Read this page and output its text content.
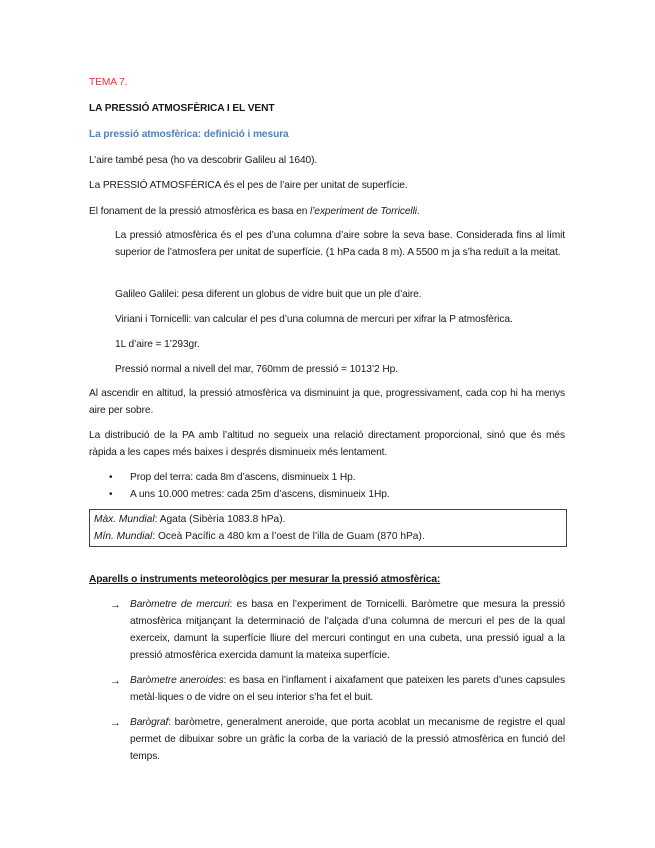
TEMA 7.
LA PRESSIÓ ATMOSFÈRICA I EL VENT
La pressió atmosfèrica: definició i mesura
L’aire també pesa (ho va descobrir Galileu al 1640).
La PRESSIÓ ATMOSFÈRICA és el pes de l’aire per unitat de superfície.
El fonament de la pressió atmosfèrica es basa en l’experiment de Torricelli.
La pressió atmosfèrica és el pes d’una columna d’aire sobre la seva base. Considerada fins al límit superior de l’atmosfera per unitat de superfície. (1 hPa cada 8 m). A 5500 m ja s’ha reduït a la meitat.
Galileo Galilei: pesa diferent un globus de vidre buit que un ple d’aire.
Viriani i Tornicelli: van calcular el pes d’una columna de mercuri per xifrar la P atmosfèrica.
1L d’aire = 1’293gr.
Pressió normal a nivell del mar, 760mm de pressió = 1013’2 Hp.
Al ascendir en altitud, la pressió atmosfèrica va disminuint ja que, progressivament, cada cop hi ha menys aire per sobre.
La distribució de la PA amb l’altitud no segueix una relació directament proporcional, sinó que és més ràpida a les capes més baixes i després disminueix més lentament.
• Prop del terra: cada 8m d’ascens, disminueix 1 Hp.
• A uns 10.000 metres: cada 25m d’ascens, disminueix 1Hp.
Màx. Mundial: Agata (Sibèria 1083.8 hPa).
Mín. Mundial: Oceà Pacífic a 480 km a l’oest de l’illa de Guam (870 hPa).
Aparells o instruments meteorològics per mesurar la pressió atmosfèrica:
→ Baròmetre de mercuri: es basa en l’experiment de Tornicelli. Baròmetre que mesura la pressió atmosfèrica mitjançant la determinació de l’alçada d’una columna de mercuri el pes de la qual exerceix, damunt la superfície lliure del mercuri contingut en una cubeta, una pressió igual a la pressió atmosfèrica exercida damunt la mateixa superfície.
→ Baròmetre aneroides: es basa en l’inflament i aixafament que pateixen les parets d’unes capsules metàl·liques o de vidre on el seu interior s’ha fet el buit.
→ Barògraf: baròmetre, generalment aneroide, que porta acoblat un mecanisme de registre el qual permet de dibuixar sobre un gràfic la corba de la variació de la pressió atmosfèrica en funció del temps.
